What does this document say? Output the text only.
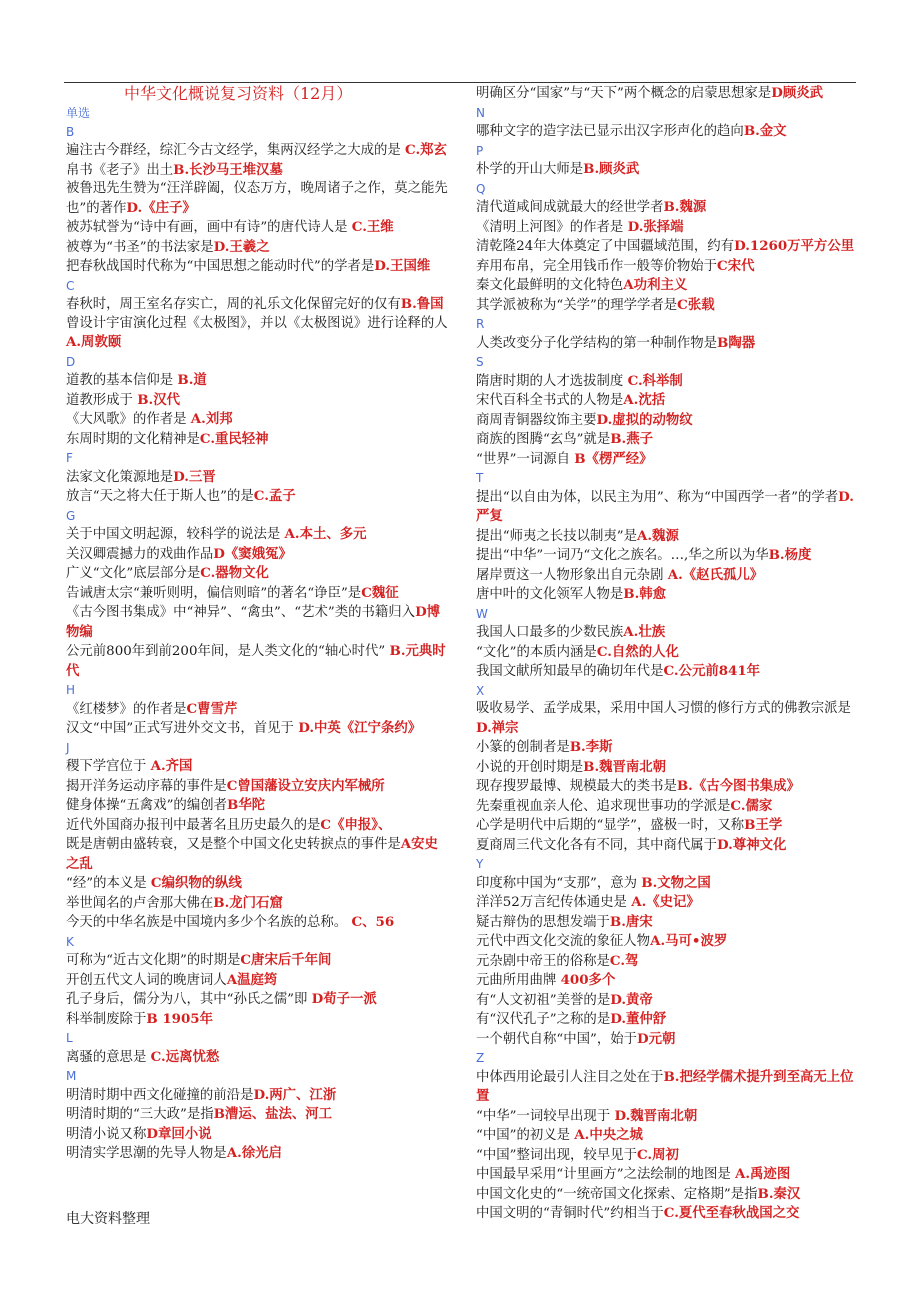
中华文化概说复习资料（12月）
单选
B
遍注古今群经，综汇今古文经学，集两汉经学之大成的是 C.郑玄
帛书《老子》出土B.长沙马王堆汉墓
被鲁迅先生赞为“汪洋辟阖，仪态万方，晚周诸子之作，莫之能先也”的著作D.《庄子》
被苏轼誉为“诗中有画，画中有诗”的唐代诗人是 C.王维
被尊为“书圣”的书法家是D.王羲之
把春秋战国时代称为“中国思想之能动时代”的学者是D.王国维
C
春秋时，周王室名存实亡，周的礼乐文化保留完好的仅有B.鲁国
曾设计宇宙演化过程《太极图》，并以《太极图说》进行诠释的人A.周敦颐
D
道教的基本信仰是 B.道
道教形成于 B.汉代
《大风歌》的作者是 A.刘邦
东周时期的文化精神是C.重民轻神
F
法家文化策源地是D.三晋
放言“天之将大任于斯人也”的是C.孟子
G
关于中国文明起源，较科学的说法是 A.本土、多元
关汉卿震撼力的戏曲作品D《窦娥冤》
广义“文化”底层部分是C.器物文化
告诫唐太宗“兼听则明，偏信则暗”的著名“诤臣”是C魏征
《古今图书集成》中“神异”、“禽虫”、“艺术”类的书籍归入D博物编
公元前800年到前200年间，是人类文化的“轴心时代” B.元典时代
H
《红楼梦》的作者是C曹雪芹
汉文“中国”正式写进外交文书，首见于 D.中英《江宁条约》
J
稷下学宫位于 A.齐国
揭开洋务运动序幕的事件是C曾国藩设立安庆内军械所
健身体操“五禽戏”的编创者B华陀
近代外国商办报刊中最著名且历史最久的是C《申报》、
既是唐朝由盛转衰，又是整个中国文化史转捩点的事件是A安史之乱
“经”的本义是 C编织物的纵线
举世闻名的卢舍那大佛在B.龙门石窟
今天的中华名族是中国境内多少个名族的总称。 C、56
K
可称为“近古文化期”的时期是C唐宋后千年间
开创五代文人词的晚唐词人A温庭筠
孔子身后，儒分为八，其中“孙氏之儒”即 D荀子一派
科举制废除于B 1905年
L
离骚的意思是 C.远离忧愁
M
明清时期中西文化碰撞的前沿是D.两广、江浙
明清时期的“三大政”是指B漕运、盐法、河工
明清小说又称D章回小说
明清实学思潮的先导人物是A.徐光启
明确区分“国家”与“天下”两个概念的启蒙思想家是D顾炎武
N
哪种文字的造字法已显示出汉字形声化的趋向B.金文
P
朴学的开山大师是B.顾炎武
Q
清代道咸间成就最大的经世学者B.魏源
《清明上河图》的作者是 D.张择端
清乾隆24年大体奠定了中国疆域范围，约有D.1260万平方公里
弃用布帛，完全用钱币作一般等价物始于C宋代
秦文化最鲜明的文化特色A功利主义
其学派被称为“关学”的理学学者是C张载
R
人类改变分子化学结构的第一种制作物是B陶器
S
隋唐时期的人才选拔制度 C.科举制
宋代百科全书式的人物是A.沈括
商周青铜器纹饰主要D.虚拟的动物纹
商族的图腾“玄鸟”就是B.燕子
“世界”一词源自 B《楞严经》
T
提出“以自由为体，以民主为用”、称为“中国西学一者”的学者D.严复
提出“师夷之长技以制夷”是A.魏源
提出“中华”一词乃“文化之族名。…,华之所以为华B.杨度
屠岸贾这一人物形象出自元杂剧 A.《赵氏孤儿》
唐中叶的文化领军人物是B.韩愈
W
我国人口最多的少数民族A.壮族
“文化”的本质内涵是C.自然的人化
我国文献所知最早的确切年代是C.公元前841年
X
吸收易学、孟学成果，采用中国人习惯的修行方式的佛教宗派是D.禅宗
小篆的创制者是B.李斯
小说的开创时期是B.魏晋南北朝
现存搜罗最博、规模最大的类书是B.《古今图书集成》
先秦重视血亲人伦、追求现世事功的学派是C.儒家
心学是明代中后期的“显学”，盛极一时，又称B王学
夏商周三代文化各有不同，其中商代属于D.尊神文化
Y
印度称中国为“支那”，意为 B.文物之国
洋洋52万言纪传体通史是 A.《史记》
疑古辩伪的思想发端于B.唐宋
元代中西文化交流的象征人物A.马可•波罗
元杂剧中帝王的俗称是C.驾
元曲所用曲牌 400多个
有“人文初祖”美誉的是D.黄帝
有“汉代孔子”之称的是D.董仲舒
一个朝代自称“中国”，始于D元朝
Z
中体西用论最引人注目之处在于B.把经学儒术提升到至高无上位置
“中华”一词较早出现于 D.魏晋南北朝
“中国”的初义是 A.中央之城
“中国”整词出现，较早见于C.周初
中国最早采用“计里画方”之法绘制的地图是 A.禹迹图
中国文化史的“一统帝国文化探索、定格期”是指B.秦汉
中国文明的“青铜时代”约相当于C.夏代至春秋战国之交
电大资料整理
